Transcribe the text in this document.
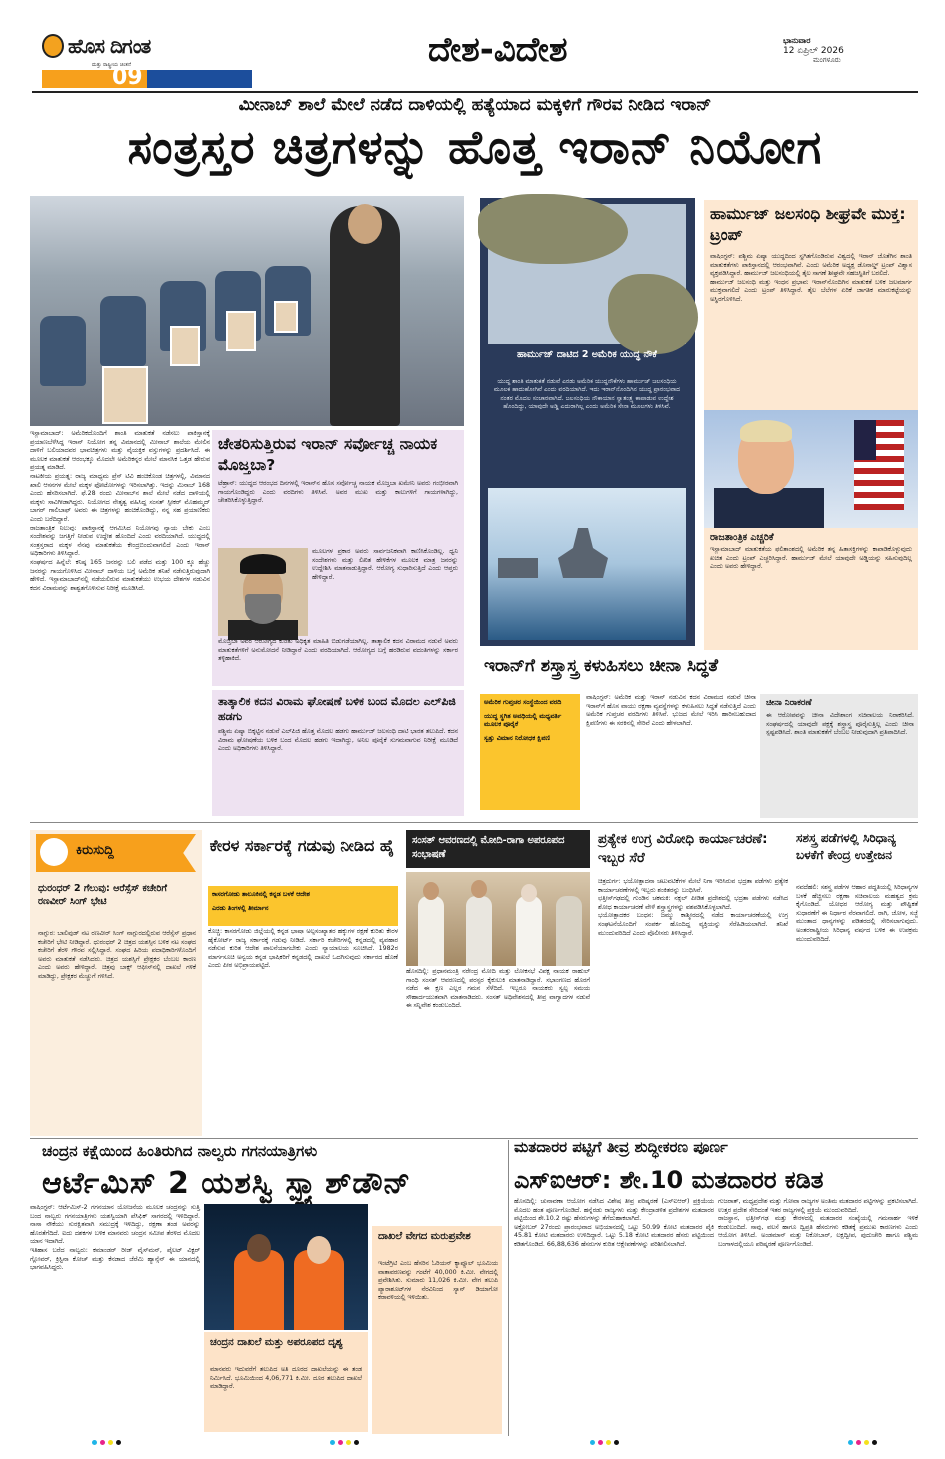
ಹೊಸ ದಿಗಂತ
ಮತ್ತು ರಾಷ್ಟ್ರೀಯ ಚಿಂತನೆ
09
ದೇಶ-ವಿದೇಶ	ಭಾನುವಾರ
12 ಏಪ್ರಿಲ್ 2026
ಮಂಗಳೂರು
ಮೀನಾಬ್ ಶಾಲೆ ಮೇಲೆ ನಡೆದ ದಾಳಿಯಲ್ಲಿ ಹತ್ಯೆಯಾದ ಮಕ್ಕಳಿಗೆ ಗೌರವ ನೀಡಿದ ಇರಾನ್
ಸಂತ್ರಸ್ತರ ಚಿತ್ರಗಳನ್ನು ಹೊತ್ತ ಇರಾನ್ ನಿಯೋಗ
ಇಸ್ಲಾಮಾಬಾದ್: ಅಮೆರಿಕದೊಂದಿಗೆ ಶಾಂತಿ ಮಾತುಕತೆ ನಡೆಸಲು ಪಾಕಿಸ್ತಾನಕ್ಕೆ ಪ್ರಯಾಣಬೆಳೆಸಿದ್ದ ಇರಾನ್ ನಿಯೋಗ ತನ್ನ ವಿಮಾನದಲ್ಲಿ ಮೀನಾಬ್ ಶಾಲೆಯ ಮೇಲಿನ ದಾಳಿಗೆ ಬಲಿಯಾದವರ ಭಾವಚಿತ್ರಗಳು ಮತ್ತು ವೈಯಕ್ತಿಕ ವಸ್ತುಗಳನ್ನು ಪ್ರದರ್ಶಿಸಿದೆ. ಈ ಮೂಲಕ ಮಾತುಕತೆ ಆರಂಭಕ್ಕೂ ಮೊದಲೇ ಅಮೆರಿಕನ್ನರ ಮೇಲೆ ಮಾನಸಿಕ ಒತ್ತಡ ಹೇರುವ ಪ್ರಯತ್ನ ಮಾಡಿದೆ.
ನಾಟಕೀಯ ಪ್ರಯತ್ನ: ರಾಜ್ಯ ಮಾಧ್ಯಮ ಪ್ರೆಸ್ ಟಿವಿ ಹಂಚಿಕೊಂಡ ಚಿತ್ರಗಳಲ್ಲಿ, ವಿಮಾನದ ಖಾಲಿ ಆಸನಗಳ ಮೇಲೆ ಮಕ್ಕಳ ಫೋಟೋಗಳನ್ನು ಇರಿಸಲಾಗಿತ್ತು. ಇದನ್ನು ಮಿನಾಬ್ 168 ಎಂದು ಹೆಸರಿಸಲಾಗಿದೆ. ಫೆ.28 ರಂದು ಮೀನಾಬ್‌ನ ಶಾಲೆ ಮೇಲೆ ನಡೆದ ದಾಳಿಯಲ್ಲಿ ಮಕ್ಕಳು ಸಾವಿಗೀಡಾಗಿದ್ದರು. ನಿಯೋಗದ ನೇತೃತ್ವ ವಹಿಸಿದ್ದ ಸಂಸತ್ ಸ್ಪೀಕರ್ ಮೊಹಮ್ಮದ್ ಬಾಗರ್ ಗಾಲಿಬಾಫ್ ಅವರು ಈ ಚಿತ್ರಗಳನ್ನು ಹಂಚಿಕೊಂಡಿದ್ದು, ನನ್ನ ಸಹ ಪ್ರಯಾಣಿಕರು ಎಂದು ಬರೆದಿದ್ದಾರೆ.
ರಾಜತಾಂತ್ರಿಕ ನಿಲುವು: ಪಾಕಿಸ್ತಾನಕ್ಕೆ ಆಗಮಿಸಿದ ನಿಯೋಗವು ನ್ಯಾಯ ಬೇಕು ಎಂಬ ಸಂದೇಶವನ್ನು ಜಗತ್ತಿಗೆ ನೀಡುವ ಉದ್ದೇಶ ಹೊಂದಿದೆ ಎಂದು ವರದಿಯಾಗಿದೆ. ಯುದ್ಧದಲ್ಲಿ ಸಂತ್ರಸ್ತರಾದ ಮಕ್ಕಳ ನೆನಪು ಮಾತುಕತೆಯ ಕೇಂದ್ರಬಿಂದುವಾಗಲಿದೆ ಎಂದು ಇರಾನ್ ಅಧಿಕಾರಿಗಳು ತಿಳಿಸಿದ್ದಾರೆ.
ಸಂಘರ್ಷದ ಹಿನ್ನೆಲೆ: ಕನಿಷ್ಠ 165 ಜನರನ್ನು ಬಲಿ ಪಡೆದ ಮತ್ತು 100 ಕ್ಕೂ ಹೆಚ್ಚು ಜನರನ್ನು ಗಾಯಗೊಳಿಸಿದ ಮೀನಾಬ್ ದಾಳಿಯ ಬಗ್ಗೆ ಅಮೆರಿಕ ತನಿಖೆ ನಡೆಸುತ್ತಿರುವುದಾಗಿ ಹೇಳಿದೆ. ಇಸ್ಲಾಮಾಬಾದ್‌ನಲ್ಲಿ ನಡೆಯಲಿರುವ ಮಾತುಕತೆಯು ಉಭಯ ದೇಶಗಳ ನಡುವಿನ ಕದನ ವಿರಾಮವನ್ನು ಶಾಶ್ವತಗೊಳಿಸುವ ನಿರೀಕ್ಷೆ ಮೂಡಿಸಿದೆ.
ಹಾರ್ಮುಜ್ ದಾಟಿದ 2 ಅಮೆರಿಕ ಯುದ್ಧ ನೌಕೆ
ಯುದ್ಧ ಶಾಂತಿ ಮಾತುಕತೆ ನಡುವೆ ಎರಡು ಅಮೆರಿಕ ಯುದ್ಧನೌಕೆಗಳು ಹಾರ್ಮುಜ್ ಜಲಸಂಧಿಯ ಮೂಲಕ ಹಾದುಹೋಗಿವೆ ಎಂದು ವರದಿಯಾಗಿದೆ. ಇದು ಇರಾನ್‌ನೊಂದಿಗಿನ ಯುದ್ಧ ಪ್ರಾರಂಭವಾದ ನಂತರ ಮೊದಲ ಸಂಚಾರವಾಗಿದೆ. ಜಲಸಂಧಿಯ ನೌಕಾಯಾನ ಸ್ವಾತಂತ್ರ್ಯ ಕಾಪಾಡುವ ಉದ್ದೇಶ ಹೊಂದಿದ್ದು, ಯಾವುದೇ ಅಡ್ಡಿ ಎದುರಾಗಿಲ್ಲ ಎಂದು ಅಮೆರಿಕ ಸೇನಾ ಮೂಲಗಳು ತಿಳಿಸಿವೆ.
ಹಾರ್ಮುಜ್ ಜಲಸಂಧಿ ಶೀಘ್ರವೇ ಮುಕ್ತ: ಟ್ರಂಪ್
ವಾಷಿಂಗ್ಟನ್: ಪಶ್ಚಿಮ ಏಷ್ಯಾ ಯುದ್ಧದಿಂದ ಸ್ಥಗಿತಗೊಂಡಿರುವ ವಿಶ್ವದಲ್ಲಿ ಇರಾನ್ ಜೊತೆಗಿನ ಶಾಂತಿ ಮಾತುಕತೆಗಳು ಪಾಕಿಸ್ತಾನದಲ್ಲಿ ಆರಂಭವಾಗಿವೆ. ಎಂದು ಅಮೆರಿಕ ಅಧ್ಯಕ್ಷ ಡೊನಾಲ್ಡ್ ಟ್ರಂಪ್ ವಿಶ್ವಾಸ ವ್ಯಕ್ತಪಡಿಸಿದ್ದಾರೆ. ಹಾರ್ಮುಜ್ ಜಲಸಂಧಿಯಲ್ಲಿ ತೈಲ ಸಾಗಣೆ ಶೀಘ್ರವೇ ಸಹಜಸ್ಥಿತಿಗೆ ಬರಲಿದೆ.
ಹಾರ್ಮುಜ್ ಜಲಸಂಧಿ ಮತ್ತು ಇಂಧನ ಪ್ರಭಾವ: ಇರಾನ್‌ನೊಂದಿಗಿನ ಮಾತುಕತೆ ಬಳಿಕ ಜಲಮಾರ್ಗ ಮುಕ್ತವಾಗಲಿದೆ ಎಂದು ಟ್ರಂಪ್ ತಿಳಿಸಿದ್ದಾರೆ. ತೈಲ ಬೆಲೆಗಳ ಏರಿಕೆ ಜಾಗತಿಕ ಮಾರುಕಟ್ಟೆಯನ್ನು ಅಸ್ಥಿರಗೊಳಿಸಿದೆ.
ರಾಜತಾಂತ್ರಿಕ ಎಚ್ಚರಿಕೆ
ಇಸ್ಲಾಮಾಬಾದ್ ಮಾತುಕತೆಯ ಫಲಿತಾಂಶದಲ್ಲಿ ಅಮೆರಿಕ ತನ್ನ ಹಿತಾಸಕ್ತಿಗಳನ್ನು ಕಾಪಾಡಿಕೊಳ್ಳುವುದು ಖಚಿತ ಎಂದು ಟ್ರಂಪ್ ಎಚ್ಚರಿಸಿದ್ದಾರೆ. ಹಾರ್ಮುಜ್ ಮೇಲೆ ಯಾವುದೇ ಅಡ್ಡಿಯನ್ನು ಸಹಿಸುವುದಿಲ್ಲ ಎಂದು ಅವರು ಹೇಳಿದ್ದಾರೆ.
ಚೇತರಿಸುತ್ತಿರುವ ಇರಾನ್ ಸರ್ವೋಚ್ಚ ನಾಯಕ ಮೊಜ್ತಬಾ?
ಟೆಹ್ರಾನ್: ಯುದ್ಧದ ಆರಂಭದ ದಿನಗಳಲ್ಲಿ ಇರಾನ್‌ನ ಹೊಸ ಸರ್ವೋಚ್ಚ ನಾಯಕ ಮೊಜ್ತಬಾ ಖಮೇನಿ ಅವರು ಗಂಭೀರವಾಗಿ ಗಾಯಗೊಂಡಿದ್ದರು ಎಂದು ವರದಿಗಳು ತಿಳಿಸಿವೆ. ಅವರ ಮುಖ ಮತ್ತು ಕಾಲುಗಳಿಗೆ ಗಾಯಗಳಾಗಿದ್ದು, ಚೇತರಿಸಿಕೊಳ್ಳುತ್ತಿದ್ದಾರೆ.
ಮೂಲಗಳ ಪ್ರಕಾರ ಅವರು ಸಾರ್ವಜನಿಕವಾಗಿ ಕಾಣಿಸಿಕೊಂಡಿಲ್ಲ. ಧ್ವನಿ ಸಂದೇಶಗಳು ಮತ್ತು ಲಿಖಿತ ಹೇಳಿಕೆಗಳ ಮೂಲಕ ಮಾತ್ರ ಜನರನ್ನು ಉದ್ದೇಶಿಸಿ ಮಾತನಾಡುತ್ತಿದ್ದಾರೆ. ಆರೋಗ್ಯ ಸುಧಾರಿಸುತ್ತಿದೆ ಎಂದು ಆಪ್ತರು ಹೇಳಿದ್ದಾರೆ.
ಮೊಜ್ತಬಾ ಅವರ ಆರೋಗ್ಯದ ಕುರಿತು ಅಧಿಕೃತ ಮಾಹಿತಿ ಬಿಡುಗಡೆಯಾಗಿಲ್ಲ. ತಾತ್ಕಾಲಿಕ ಕದನ ವಿರಾಮದ ನಡುವೆ ಅವರು ಮಾತುಕತೆಗಳಿಗೆ ಅನುಮೋದನೆ ನೀಡಿದ್ದಾರೆ ಎಂದು ವರದಿಯಾಗಿದೆ. ಆರೋಗ್ಯದ ಬಗ್ಗೆ ಹರಡಿರುವ ವದಂತಿಗಳನ್ನು ಸರ್ಕಾರ ತಳ್ಳಿಹಾಕಿದೆ.
ತಾತ್ಕಾಲಿಕ ಕದನ ವಿರಾಮ ಘೋಷಣೆ ಬಳಿಕ ಬಂದ ಮೊದಲ ಎಲ್‌ಪಿಜಿ ಹಡಗು
ಪಶ್ಚಿಮ ಏಷ್ಯಾ ಬಿಕ್ಕಟ್ಟಿನ ನಡುವೆ ಎಲ್‌ಪಿಜಿ ಹೊತ್ತ ಮೊದಲ ಹಡಗು ಹಾರ್ಮುಜ್ ಜಲಸಂಧಿ ದಾಟಿ ಭಾರತ ತಲುಪಿದೆ. ಕದನ ವಿರಾಮ ಘೋಷಣೆಯ ಬಳಿಕ ಬಂದ ಮೊದಲ ಹಡಗು ಇದಾಗಿದ್ದು, ಅನಿಲ ಪೂರೈಕೆ ಸುಗಮವಾಗುವ ನಿರೀಕ್ಷೆ ಮೂಡಿದೆ ಎಂದು ಅಧಿಕಾರಿಗಳು ತಿಳಿಸಿದ್ದಾರೆ.
ಇರಾನ್‌ಗೆ ಶಸ್ತ್ರಾಸ್ತ್ರ ಕಳುಹಿಸಲು ಚೀನಾ ಸಿದ್ಧತೆ
ಅಮೆರಿಕ ಗುಪ್ತಚರ ಸಂಸ್ಥೆಯಿಂದ ವರದಿ
ಯುದ್ಧ ಸ್ಥಗಿತ ಅವಧಿಯಲ್ಲಿ ಮಧ್ಯವರ್ತಿ ಮೂಲಕ ಪೂರೈಕೆ
ಸ್ವತ್ತು ವಿಮಾನ ನಿರೋಧಕ ಕ್ಷಿಪಣಿ
ವಾಷಿಂಗ್ಟನ್: ಅಮೆರಿಕ ಮತ್ತು ಇರಾನ್ ನಡುವಿನ ಕದನ ವಿರಾಮದ ನಡುವೆ ಚೀನಾ ಇರಾನ್‌ಗೆ ಹೊಸ ವಾಯು ರಕ್ಷಣಾ ವ್ಯವಸ್ಥೆಗಳನ್ನು ಕಳುಹಿಸಲು ಸಿದ್ಧತೆ ನಡೆಸುತ್ತಿದೆ ಎಂದು ಅಮೆರಿಕ ಗುಪ್ತಚರ ವರದಿಗಳು ತಿಳಿಸಿವೆ. ಭುಜದ ಮೇಲೆ ಇರಿಸಿ ಹಾರಿಸಬಹುದಾದ ಕ್ಷಿಪಣಿಗಳು ಈ ಸರಕಿನಲ್ಲಿ ಸೇರಿವೆ ಎಂದು ಹೇಳಲಾಗಿದೆ.
ಚೀನಾ ನಿರಾಕರಣೆ
ಈ ಆರೋಪವನ್ನು ಚೀನಾ ವಿದೇಶಾಂಗ ಸಚಿವಾಲಯ ನಿರಾಕರಿಸಿದೆ. ಸಂಘರ್ಷದಲ್ಲಿ ಯಾವುದೇ ಪಕ್ಷಕ್ಕೆ ಶಸ್ತ್ರಾಸ್ತ್ರ ಪೂರೈಸುತ್ತಿಲ್ಲ ಎಂದು ಚೀನಾ ಸ್ಪಷ್ಟಪಡಿಸಿದೆ. ಶಾಂತಿ ಮಾತುಕತೆಗೆ ಬೆಂಬಲ ನೀಡುವುದಾಗಿ ಪ್ರತಿಪಾದಿಸಿದೆ.
ಕಿರುಸುದ್ದಿ
ಧುರಂಧರ್ 2 ಗೆಲುವು: ಆರೆಸ್ಸೆಸ್ ಕಚೇರಿಗೆ ರಣವೀರ್ ಸಿಂಗ್ ಭೇಟಿ
ನಾಗ್ಪುರ: ಬಾಲಿವುಡ್ ನಟ ರಣವೀರ್ ಸಿಂಗ್ ನಾಗ್ಪುರದಲ್ಲಿರುವ ಆರೆಸ್ಸೆಸ್ ಪ್ರಧಾನ ಕಚೇರಿಗೆ ಭೇಟಿ ನೀಡಿದ್ದಾರೆ. ಧುರಂಧರ್ 2 ಚಿತ್ರದ ಯಶಸ್ಸಿನ ಬಳಿಕ ನಟ ಸಂಘದ ಕಚೇರಿಗೆ ತೆರಳಿ ಗೌರವ ಸಲ್ಲಿಸಿದ್ದಾರೆ. ಸಂಘದ ಹಿರಿಯ ಪದಾಧಿಕಾರಿಗಳೊಂದಿಗೆ ಅವರು ಮಾತುಕತೆ ನಡೆಸಿದರು. ಚಿತ್ರದ ಯಶಸ್ಸಿಗೆ ಪ್ರೇಕ್ಷಕರ ಬೆಂಬಲ ಕಾರಣ ಎಂದು ಅವರು ಹೇಳಿದ್ದಾರೆ. ಚಿತ್ರವು ಬಾಕ್ಸ್ ಆಫೀಸ್‌ನಲ್ಲಿ ದಾಖಲೆ ಗಳಿಕೆ ಮಾಡಿದ್ದು, ಪ್ರೇಕ್ಷಕರ ಮೆಚ್ಚುಗೆ ಗಳಿಸಿದೆ.
ಕೇರಳ ಸರ್ಕಾರಕ್ಕೆ ಗಡುವು ನೀಡಿದ ಹೈ
ಕಾಸರಗೋಡು ತಾಲೂಕಿನಲ್ಲಿ ಕನ್ನಡ ಬಳಕೆ ಆದೇಶ
ಎರಡು ತಿಂಗಳಲ್ಲಿ ತೀರ್ಮಾನ
ಕೊಚ್ಚಿ: ಕಾಸರಗೋಡು ಜಿಲ್ಲೆಯಲ್ಲಿ ಕನ್ನಡ ಭಾಷಾ ಅಲ್ಪಸಂಖ್ಯಾತರ ಹಕ್ಕುಗಳ ರಕ್ಷಣೆ ಕುರಿತು ಕೇರಳ ಹೈಕೋರ್ಟ್ ರಾಜ್ಯ ಸರ್ಕಾರಕ್ಕೆ ಗಡುವು ನೀಡಿದೆ. ಸರ್ಕಾರಿ ಕಚೇರಿಗಳಲ್ಲಿ ಕನ್ನಡದಲ್ಲಿ ವ್ಯವಹಾರ ನಡೆಸುವ ಕುರಿತ ಆದೇಶ ಪಾಲನೆಯಾಗಬೇಕು ಎಂದು ನ್ಯಾಯಾಲಯ ಸೂಚಿಸಿದೆ. 1982ರ ಮಾರ್ಗಸೂಚಿ ಅನ್ವಯ ಕನ್ನಡ ಭಾಷಿಕರಿಗೆ ಕನ್ನಡದಲ್ಲಿ ದಾಖಲೆ ಒದಗಿಸುವುದು ಸರ್ಕಾರದ ಹೊಣೆ ಎಂದು ಪೀಠ ಅಭಿಪ್ರಾಯಪಟ್ಟಿದೆ.
ಸಂಸತ್ ಆವರಣದಲ್ಲಿ ಮೋದಿ-ರಾಗಾ ಅಪರೂಪದ ಸಂಭಾಷಣೆ
ಹೊಸದಿಲ್ಲಿ: ಪ್ರಧಾನಮಂತ್ರಿ ನರೇಂದ್ರ ಮೋದಿ ಮತ್ತು ಲೋಕಸಭೆ ವಿಪಕ್ಷ ನಾಯಕ ರಾಹುಲ್ ಗಾಂಧಿ ಸಂಸತ್ ಆವರಣದಲ್ಲಿ ಪರಸ್ಪರ ಕೈಕುಲುಕಿ ಮಾತನಾಡಿದ್ದಾರೆ. ಸಭಾಂಗಣದ ಹೊರಗೆ ನಡೆದ ಈ ಕ್ಷಣ ಎಲ್ಲರ ಗಮನ ಸೆಳೆದಿದೆ. ಇಬ್ಬರೂ ನಾಯಕರು ಸ್ವಲ್ಪ ಸಮಯ ಸೌಹಾರ್ದಯುತವಾಗಿ ಮಾತನಾಡಿದರು. ಸಂಸತ್ ಅಧಿವೇಶನದಲ್ಲಿ ತೀವ್ರ ವಾಗ್ವಾದಗಳ ನಡುವೆ ಈ ಸನ್ನಿವೇಶ ಕಂಡುಬಂದಿದೆ.
ಪ್ರತ್ಯೇಕ ಉಗ್ರ ವಿರೋಧಿ ಕಾರ್ಯಾಚರಣೆ: ಇಬ್ಬರ ಸೆರೆ
ಚಿತ್ರದುರ್ಗ: ಭಯೋತ್ಪಾದನಾ ಚಟುವಟಿಕೆಗಳ ಮೇಲೆ ನಿಗಾ ಇರಿಸಿರುವ ಭದ್ರತಾ ಪಡೆಗಳು ಪ್ರತ್ಯೇಕ ಕಾರ್ಯಾಚರಣೆಗಳಲ್ಲಿ ಇಬ್ಬರು ಶಂಕಿತರನ್ನು ಬಂಧಿಸಿವೆ.
ಛತ್ತೀಸ್‌ಗಢದಲ್ಲಿ ಗುಂಡಿನ ಚಕಮಕಿ: ನಕ್ಸಲ್ ಪೀಡಿತ ಪ್ರದೇಶದಲ್ಲಿ ಭದ್ರತಾ ಪಡೆಗಳು ನಡೆಸಿದ ಶೋಧ ಕಾರ್ಯಾಚರಣೆ ವೇಳೆ ಶಸ್ತ್ರಾಸ್ತ್ರಗಳನ್ನು ವಶಪಡಿಸಿಕೊಳ್ಳಲಾಗಿದೆ.
ಭಯೋತ್ಪಾದಕರ ಬಂಧನ: ಜಮ್ಮು ಕಾಶ್ಮೀರದಲ್ಲಿ ನಡೆದ ಕಾರ್ಯಾಚರಣೆಯಲ್ಲಿ ಉಗ್ರ ಸಂಘಟನೆಯೊಂದಿಗೆ ಸಂಪರ್ಕ ಹೊಂದಿದ್ದ ವ್ಯಕ್ತಿಯನ್ನು ಸೆರೆಹಿಡಿಯಲಾಗಿದೆ. ತನಿಖೆ ಮುಂದುವರಿದಿದೆ ಎಂದು ಪೊಲೀಸರು ತಿಳಿಸಿದ್ದಾರೆ.
ಸಶಸ್ತ್ರ ಪಡೆಗಳಲ್ಲಿ ಸಿರಿಧಾನ್ಯ ಬಳಕೆಗೆ ಕೇಂದ್ರ ಉತ್ತೇಜನ
ನವದೆಹಲಿ: ಸಶಸ್ತ್ರ ಪಡೆಗಳ ಆಹಾರ ಪದ್ಧತಿಯಲ್ಲಿ ಸಿರಿಧಾನ್ಯಗಳ ಬಳಕೆ ಹೆಚ್ಚಿಸಲು ರಕ್ಷಣಾ ಸಚಿವಾಲಯ ಮಹತ್ವದ ಕ್ರಮ ಕೈಗೊಂಡಿದೆ. ಯೋಧರ ಆರೋಗ್ಯ ಮತ್ತು ಪೌಷ್ಟಿಕತೆ ಸುಧಾರಣೆಗೆ ಈ ನಿರ್ಧಾರ ನೆರವಾಗಲಿದೆ. ರಾಗಿ, ಜೋಳ, ಸಜ್ಜೆ ಮುಂತಾದ ಧಾನ್ಯಗಳನ್ನು ಪಡಿತರದಲ್ಲಿ ಸೇರಿಸಲಾಗುವುದು. ಅಂತರರಾಷ್ಟ್ರೀಯ ಸಿರಿಧಾನ್ಯ ವರ್ಷದ ಬಳಿಕ ಈ ಉಪಕ್ರಮ ಮುಂದುವರಿದಿದೆ.
ಚಂದ್ರನ ಕಕ್ಷೆಯಿಂದ ಹಿಂತಿರುಗಿದ ನಾಲ್ವರು ಗಗನಯಾತ್ರಿಗಳು
ಆರ್ಟೆಮಿಸ್ 2 ಯಶಸ್ವಿ ಸ್ಪ್ಲ್ಯಾಶ್‌ಡೌನ್
ವಾಷಿಂಗ್ಟನ್: ಆರ್ಟೆಮಿಸ್-2 ಗಗನಯಾನ ಯೋಜನೆಯ ಮೂಲಕ ಚಂದ್ರನನ್ನು ಸುತ್ತಿ ಬಂದ ನಾಲ್ವರು ಗಗನಯಾತ್ರಿಗಳು ಯಶಸ್ವಿಯಾಗಿ ಪೆಸಿಫಿಕ್ ಸಾಗರದಲ್ಲಿ ಇಳಿದಿದ್ದಾರೆ. ನಾಸಾ ನೌಕೆಯು ಸುರಕ್ಷಿತವಾಗಿ ಸಮುದ್ರಕ್ಕೆ ಇಳಿದಿದ್ದು, ರಕ್ಷಣಾ ತಂಡ ಅವರನ್ನು ಹೊರತೆಗೆದಿದೆ. ಐದು ದಶಕಗಳ ಬಳಿಕ ಮಾನವರು ಚಂದ್ರನ ಸಮೀಪ ತೆರಳಿದ ಮೊದಲ ಯಾನ ಇದಾಗಿದೆ.
ಇತಿಹಾಸ ಬರೆದ ನಾಲ್ವರು: ಕಮಾಂಡರ್ ರೀಡ್ ವೈಸ್‌ಮನ್, ಪೈಲಟ್ ವಿಕ್ಟರ್ ಗ್ಲೋವರ್, ಕ್ರಿಸ್ಟಿನಾ ಕೋಚ್ ಮತ್ತು ಕೆನಡಾದ ಜೆರೆಮಿ ಹ್ಯಾನ್ಸೆನ್ ಈ ಯಾನದಲ್ಲಿ ಭಾಗವಹಿಸಿದ್ದರು.
ಚಂದ್ರನ ದಾಖಲೆ ಮತ್ತು ಅಪರೂಪದ ದೃಶ್ಯ
ಮಾನವರು ಇದುವರೆಗೆ ತಲುಪಿದ ಅತಿ ದೂರದ ದಾಖಲೆಯನ್ನು ಈ ತಂಡ ನಿರ್ಮಿಸಿದೆ. ಭೂಮಿಯಿಂದ 4,06,771 ಕಿ.ಮೀ. ದೂರ ತಲುಪಿದ ದಾಖಲೆ ಮಾಡಿದ್ದಾರೆ.
ದಾಖಲೆ ವೇಗದ ಮರುಪ್ರವೇಶ
ಇಂಟೆಗ್ರಿಟಿ ಎಂಬ ಹೆಸರಿನ ಓರಿಯನ್ ಕ್ಯಾಪ್ಸೂಲ್ ಭೂಮಿಯ ವಾತಾವರಣವನ್ನು ಗಂಟೆಗೆ 40,000 ಕಿ.ಮೀ. ವೇಗದಲ್ಲಿ ಪ್ರವೇಶಿಸಿತು. ಸುಮಾರು 11,026 ಕಿ.ಮೀ. ವೇಗ ತಲುಪಿ ಪ್ಯಾರಾಶೂಟ್‌ಗಳ ನೆರವಿನಿಂದ ಸ್ಯಾನ್ ಡಿಯಾಗೋ ಕರಾವಳಿಯಲ್ಲಿ ಇಳಿಯಿತು.
ಮತದಾರರ ಪಟ್ಟಿಗೆ ತೀವ್ರ ಶುದ್ಧೀಕರಣ ಪೂರ್ಣ
ಎಸ್‌ಐಆರ್: ಶೇ.10 ಮತದಾರರ ಕಡಿತ
ಹೊಸದಿಲ್ಲಿ: ಚುನಾವಣಾ ಆಯೋಗ ನಡೆಸಿದ ವಿಶೇಷ ತೀವ್ರ ಪರಿಷ್ಕರಣೆ (ಎಸ್‌ಐಆರ್) ಪ್ರಕ್ರಿಯೆಯ ಮೊದಲ ಹಂತ ಪೂರ್ಣಗೊಂಡಿದೆ. ಹನ್ನೆರಡು ರಾಜ್ಯಗಳು ಮತ್ತು ಕೇಂದ್ರಾಡಳಿತ ಪ್ರದೇಶಗಳ ಮತದಾರರ ಪಟ್ಟಿಯಿಂದ ಶೇ.10.2 ರಷ್ಟು ಹೆಸರುಗಳನ್ನು ತೆಗೆದುಹಾಕಲಾಗಿದೆ.
ಅಕ್ಟೋಬರ್ 27ರಂದು ಪ್ರಾರಂಭವಾದ ಅಭಿಯಾನದಲ್ಲಿ ಒಟ್ಟು 50.99 ಕೋಟಿ ಮತದಾರರ ಪೈಕಿ 45.81 ಕೋಟಿ ಮತದಾರರು ಉಳಿದಿದ್ದಾರೆ. ಒಟ್ಟು 5.18 ಕೋಟಿ ಮತದಾರರ ಹೆಸರು ಪಟ್ಟಿಯಿಂದ ಕಡಿತಗೊಂಡಿದೆ. 66,88,636 ಹೆಸರುಗಳ ಕುರಿತ ಆಕ್ಷೇಪಣೆಗಳನ್ನು ಪರಿಶೀಲಿಸಲಾಗಿದೆ.
ಗುಜರಾತ್, ಮಧ್ಯಪ್ರದೇಶ ಮತ್ತು ಗೋವಾ ರಾಜ್ಯಗಳ ಅಂತಿಮ ಮತದಾರರ ಪಟ್ಟಿಗಳನ್ನು ಪ್ರಕಟಿಸಲಾಗಿದೆ. ಉತ್ತರ ಪ್ರದೇಶ ಸೇರಿದಂತೆ ಇತರ ರಾಜ್ಯಗಳಲ್ಲಿ ಪ್ರಕ್ರಿಯೆ ಮುಂದುವರಿದಿದೆ.
ರಾಜಸ್ಥಾನ, ಛತ್ತೀಸ್‌ಗಢ ಮತ್ತು ಕೇರಳದಲ್ಲಿ ಮತದಾರರ ಸಂಖ್ಯೆಯಲ್ಲಿ ಗಮನಾರ್ಹ ಇಳಿಕೆ ಕಂಡುಬಂದಿದೆ. ಸಾವು, ವಲಸೆ ಹಾಗೂ ದ್ವಿಪ್ರತಿ ಹೆಸರುಗಳು ಕಡಿತಕ್ಕೆ ಪ್ರಮುಖ ಕಾರಣಗಳು ಎಂದು ಆಯೋಗ ತಿಳಿಸಿದೆ. ಅಂಡಮಾನ್ ಮತ್ತು ನಿಕೋಬಾರ್, ಲಕ್ಷದ್ವೀಪ, ಪುದುಚೇರಿ ಹಾಗೂ ಪಶ್ಚಿಮ ಬಂಗಾಳದಲ್ಲಿಯೂ ಪರಿಷ್ಕರಣೆ ಪೂರ್ಣಗೊಂಡಿದೆ.
